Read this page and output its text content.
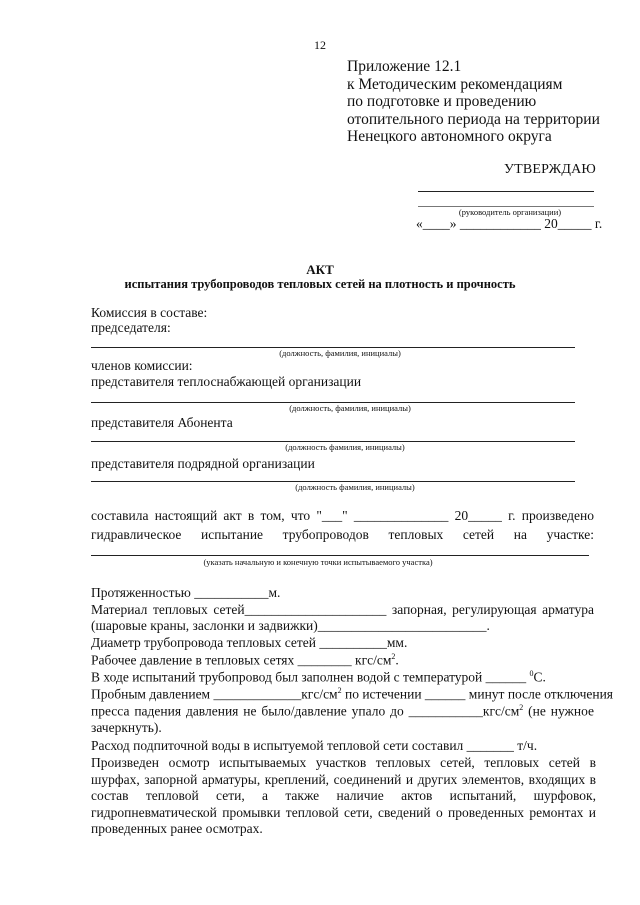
12
Приложение 12.1
к Методическим рекомендациям
по подготовке и проведению
отопительного периода на территории
Ненецкого автономного округа
УТВЕРЖДАЮ
(руководитель организации)
«____» ____________ 20_____ г.
АКТ
испытания трубопроводов тепловых сетей на плотность и прочность
Комиссия в составе:
председателя:
(должность, фамилия, инициалы)
членов комиссии:
представителя теплоснабжающей организации
(должность, фамилия, инициалы)
представителя Абонента
(должность фамилия, инициалы)
представителя подрядной организации
(должность фамилия, инициалы)
составила настоящий акт в том, что "___" ______________ 20_____ г. произведено
гидравлическое испытание трубопроводов тепловых сетей на участке:
(указать начальную и конечную точки испытываемого участка)
Протяженностью ___________м.
Материал тепловых сетей_____________________ запорная, регулирующая арматура
(шаровые краны, заслонки и задвижки)_________________________.
Диаметр трубопровода тепловых сетей __________мм.
Рабочее давление в тепловых сетях ________ кгс/$см^2$.
В ходе испытаний трубопровод был заполнен водой с температурой ______ $^0$С.
Пробным давлением $\_\_\_\_\_\_\_\_\_\_\_\_\_кгс/см^2$ по истечении ______ минут после отключения
пресса падения давления не было/давление упало до $\_\_\_\_\_\_\_\_\_\_\_кгс/см^2$ (не нужное
зачеркнуть).
Расход подпиточной воды в испытуемой тепловой сети составил _______ т/ч.
Произведен осмотр испытываемых участков тепловых сетей, тепловых сетей в шурфах, запорной арматуры, креплений, соединений и других элементов, входящих в состав тепловой сети, а также наличие актов испытаний, шурфовок, гидропневматической промывки тепловой сети, сведений о проведенных ремонтах и проведенных ранее осмотрах.
